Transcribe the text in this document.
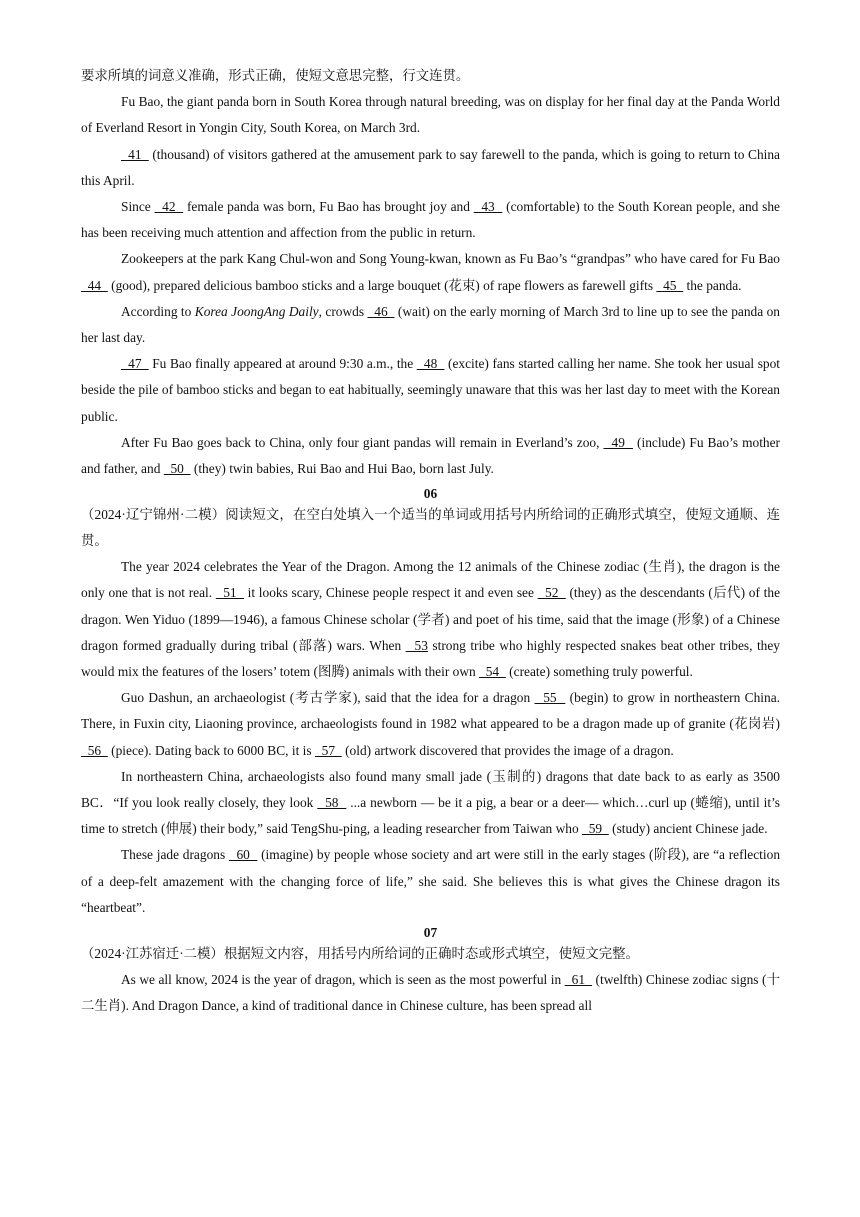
要求所填的词意义准确，形式正确，使短文意思完整，行文连贯。

Fu Bao, the giant panda born in South Korea through natural breeding, was on display for her final day at the Panda World of Everland Resort in Yongin City, South Korea, on March 3rd.

41   (thousand) of visitors gathered at the amusement park to say farewell to the panda, which is going to return to China this April.

Since   42   female panda was born, Fu Bao has brought joy and   43   (comfortable) to the South Korean people, and she has been receiving much attention and affection from the public in return.

Zookeepers at the park Kang Chul-won and Song Young-kwan, known as Fu Bao’s “grandpas” who have cared for Fu Bao   44   (good), prepared delicious bamboo sticks and a large bouquet (花束) of rape flowers as farewell gifts   45   the panda.

According to Korea JoongAng Daily, crowds   46   (wait) on the early morning of March 3rd to line up to see the panda on her last day.

47   Fu Bao finally appeared at around 9:30 a.m., the   48   (excite) fans started calling her name. She took her usual spot beside the pile of bamboo sticks and began to eat habitually, seemingly unaware that this was her last day to meet with the Korean public.

After Fu Bao goes back to China, only four giant pandas will remain in Everland’s zoo,   49   (include) Fu Bao’s mother and father, and   50   (they) twin babies, Rui Bao and Hui Bao, born last July.

06

（2024·辽宁锦州·二模）阅读短文，在空白处填入一个适当的单词或用括号内所给词的正确形式填空，使短文通顺、连贯。

The year 2024 celebrates the Year of the Dragon. Among the 12 animals of the Chinese zodiac (生肖), the dragon is the only one that is not real.   51   it looks scary, Chinese people respect it and even see   52   (they) as the descendants (后代) of the dragon. Wen Yiduo (1899—1946), a famous Chinese scholar (学者) and poet of his time, said that the image (形象) of a Chinese dragon formed gradually during tribal (部落) wars. When   53 strong tribe who highly respected snakes beat other tribes, they would mix the features of the losers’ totem (图腾) animals with their own   54   (create) something truly powerful.

Guo Dashun, an archaeologist (考古学家), said that the idea for a dragon   55   (begin) to grow in northeastern China. There, in Fuxin city, Liaoning province, archaeologists found in 1982 what appeared to be a dragon made up of granite (花岗岩)   56   (piece). Dating back to 6000 BC, it is   57   (old) artwork discovered that provides the image of a dragon.

In northeastern China, archaeologists also found many small jade (玉制的) dragons that date back to as early as 3500 BC．“If you look really closely, they look   58   ...a newborn — be it a pig, a bear or a deer— which…curl up (蜷缩), until it’s time to stretch (伸展) their body,” said TengShu-ping, a leading researcher from Taiwan who   59   (study) ancient Chinese jade.

These jade dragons   60   (imagine) by people whose society and art were still in the early stages (阶段), are “a reflection of a deep-felt amazement with the changing force of life,” she said. She believes this is what gives the Chinese dragon its “heartbeat”.

07

（2024·江苏宿迁·二模）根据短文内容，用括号内所给词的正确时态或形式填空，使短文完整。

As we all know, 2024 is the year of dragon, which is seen as the most powerful in   61   (twelfth) Chinese zodiac signs (十二生肖). And Dragon Dance, a kind of traditional dance in Chinese culture, has been spread all
